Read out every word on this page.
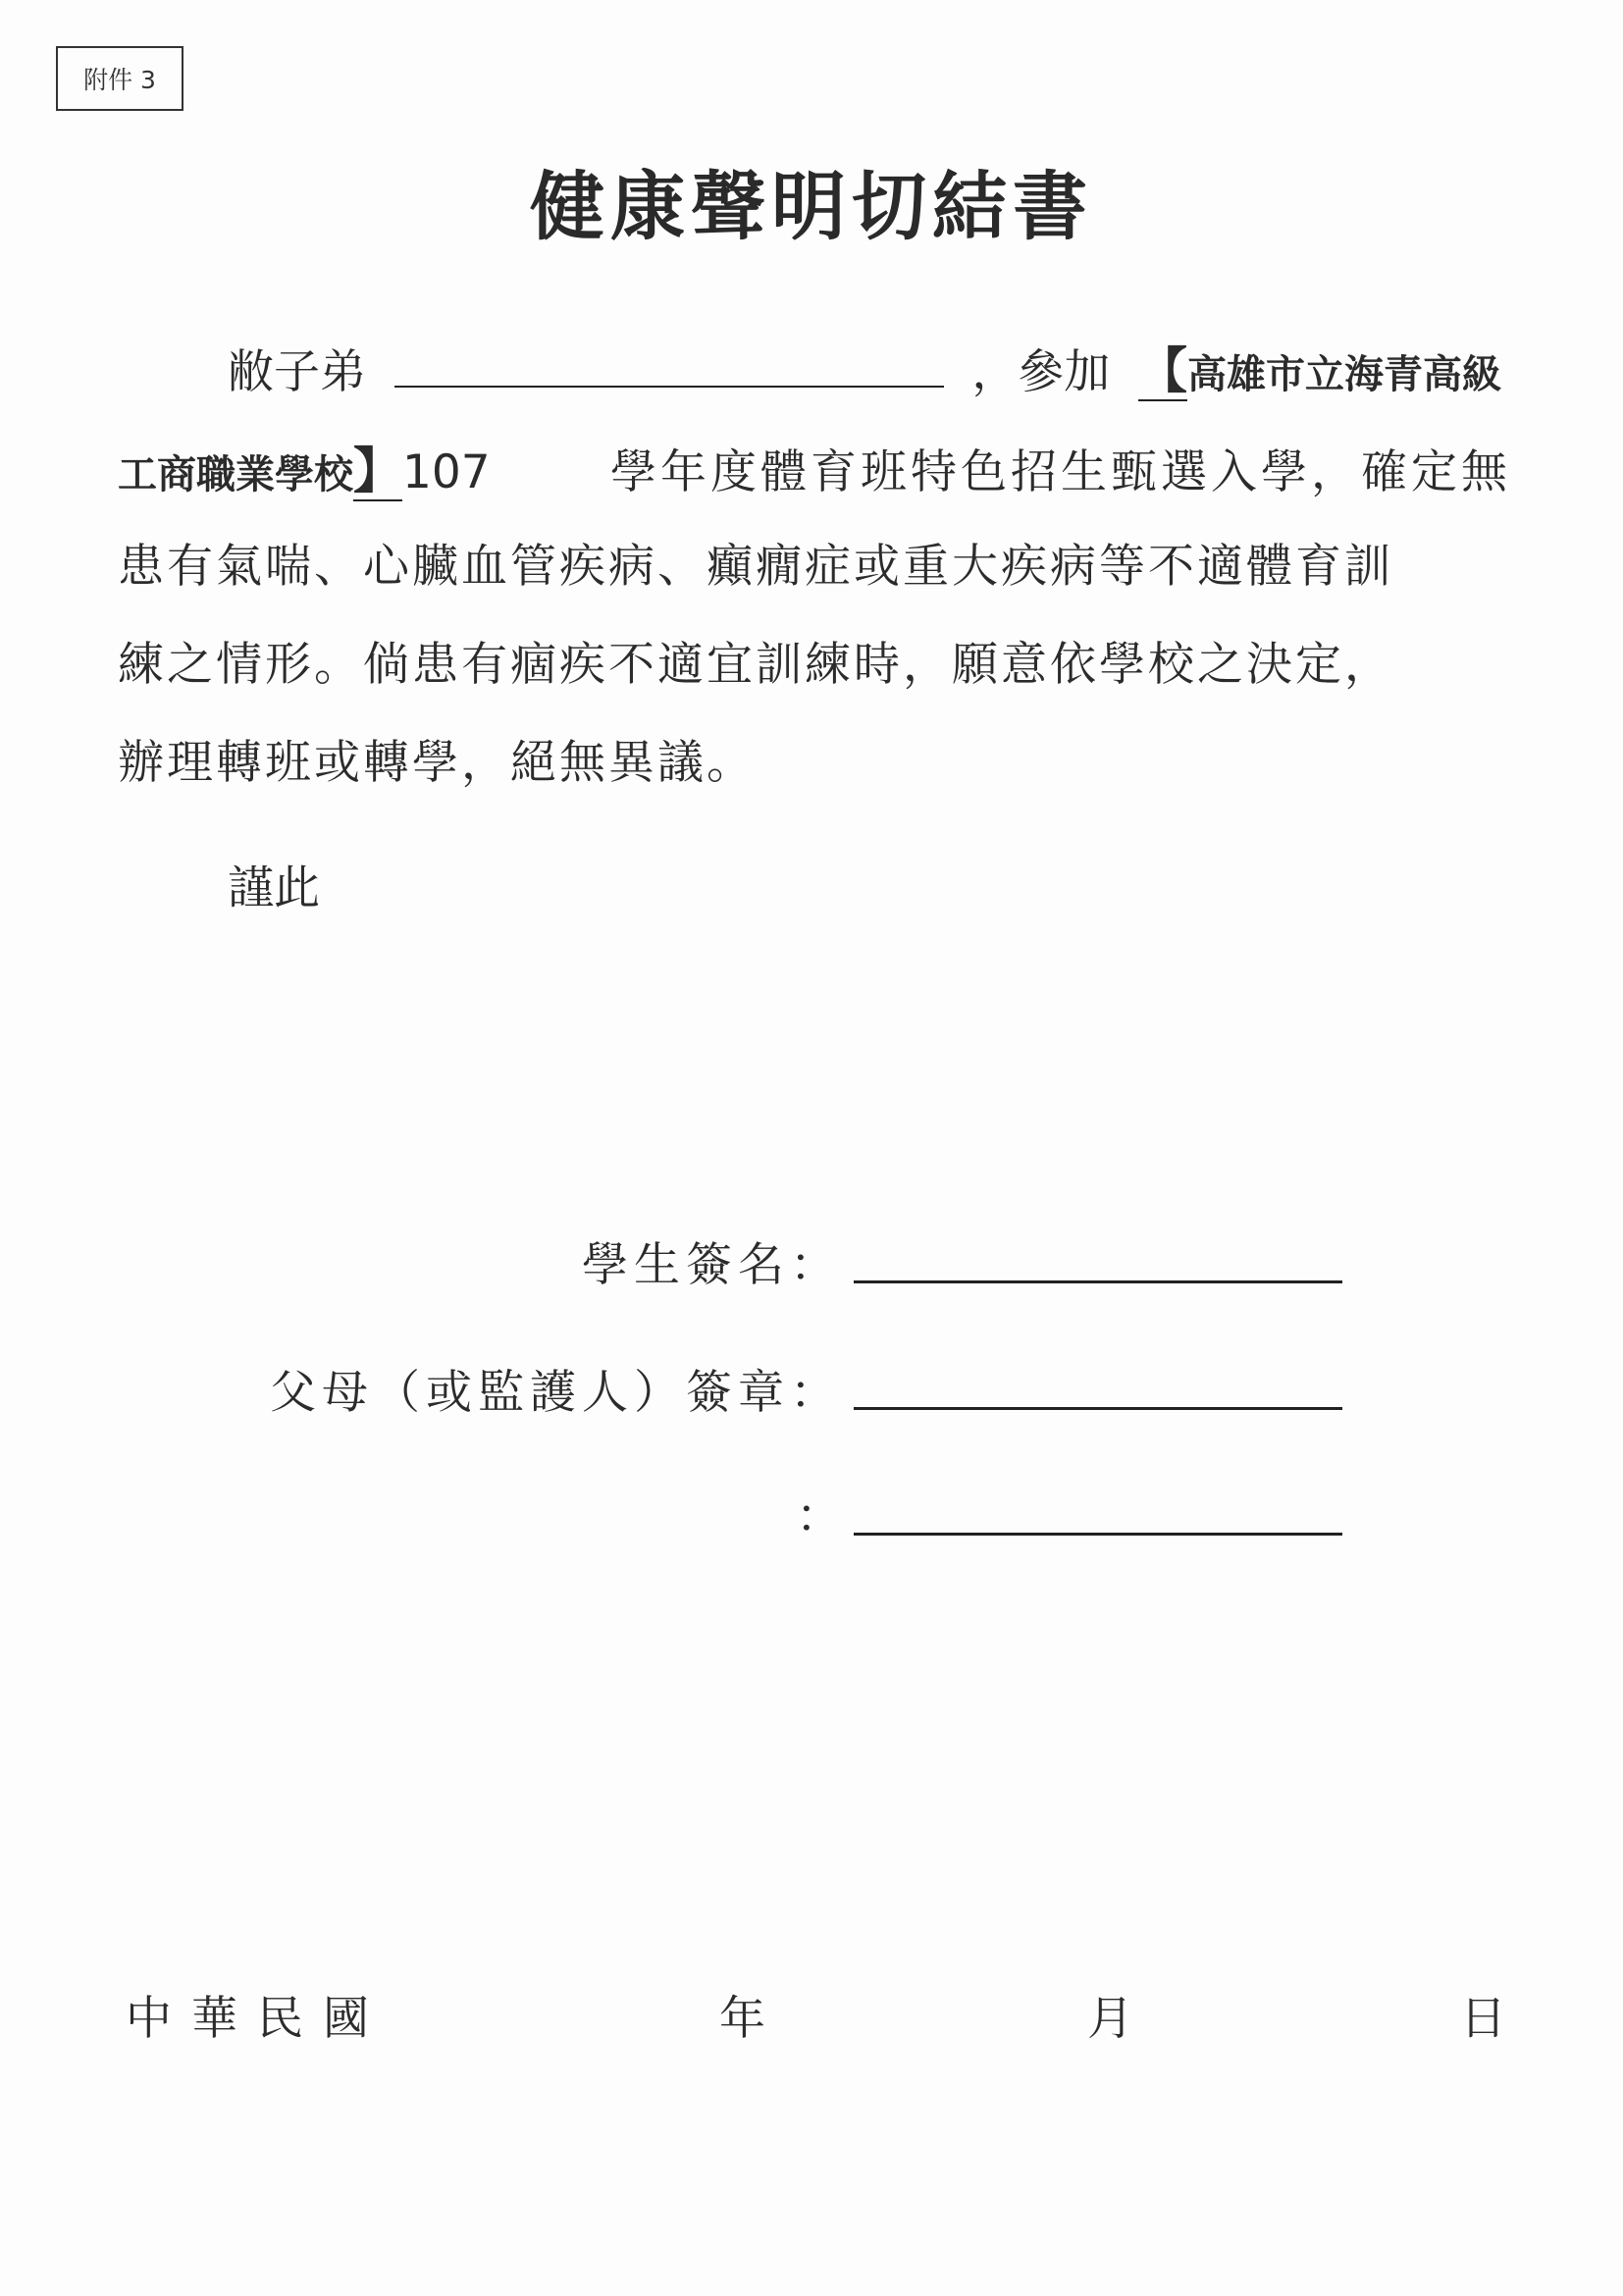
附件 3
健康聲明切結書
敝子弟	，參加 【高雄市立海青高級
工商職業學校】107	學年度體育班特色招生甄選入學，確定無
患有氣喘、心臟血管疾病、癲癇症或重大疾病等不適體育訓
練之情形。倘患有痼疾不適宜訓練時，願意依學校之決定，
辦理轉班或轉學，絕無異議。
謹此
學生簽名：
父母（或監護人）簽章：
：
中華民國	年	月	日
